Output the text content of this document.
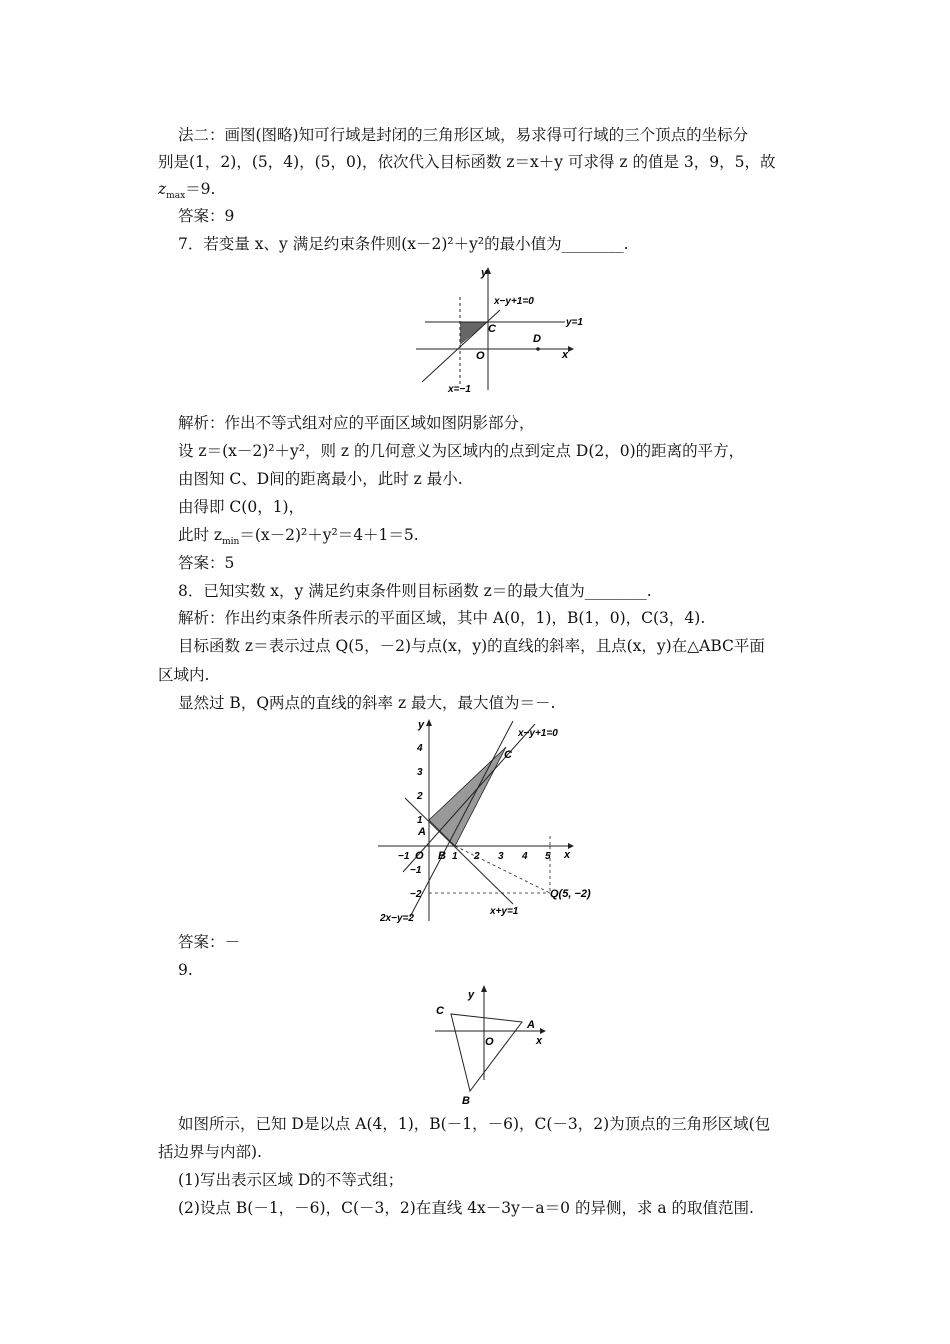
法二：画图(图略)知可行域是封闭的三角形区域，易求得可行域的三个顶点的坐标分
别是(1，2)，(5，4)，(5，0)，依次代入目标函数 z＝x＋y 可求得 z 的值是 3，9，5，故
$z_{max}=9$.
答案：9
7．若变量 x、y 满足约束条件则(x－2)²＋y²的最小值为________.
y
x
O
C
D
x−y+1=0
y=1
x=−1
解析：作出不等式组对应的平面区域如图阴影部分，
设 z＝(x－2)²＋y²，则 z 的几何意义为区域内的点到定点 D(2，0)的距离的平方，
由图知 C、D间的距离最小，此时 z 最小.
由得即 C(0，1)，
此时 $z_{min}=(x-2)^2+y^2=4+1=5$.
答案：5
8．已知实数 x，y 满足约束条件则目标函数 z＝的最大值为________.
解析：作出约束条件所表示的平面区域，其中 A(0，1)，B(1，0)，C(3，4).
目标函数 z＝表示过点 Q(5，－2)与点(x，y)的直线的斜率，且点(x，y)在△ABC平面
区域内.
显然过 B，Q两点的直线的斜率 z 最大，最大值为＝－.
y
x
O
A
B
C
x−y+1=0
x+y=1
2x−y=2
Q(5, −2)
−1	1 2 3 4 5
4
3
2
1
−1
−2
答案：－
9.
y
x
O
A
B
C
如图所示，已知 D是以点 A(4，1)，B(－1，－6)，C(－3，2)为顶点的三角形区域(包
括边界与内部).
(1)写出表示区域 D的不等式组；
(2)设点 B(－1，－6)，C(－3，2)在直线 4x－3y－a＝0 的异侧，求 a 的取值范围.
